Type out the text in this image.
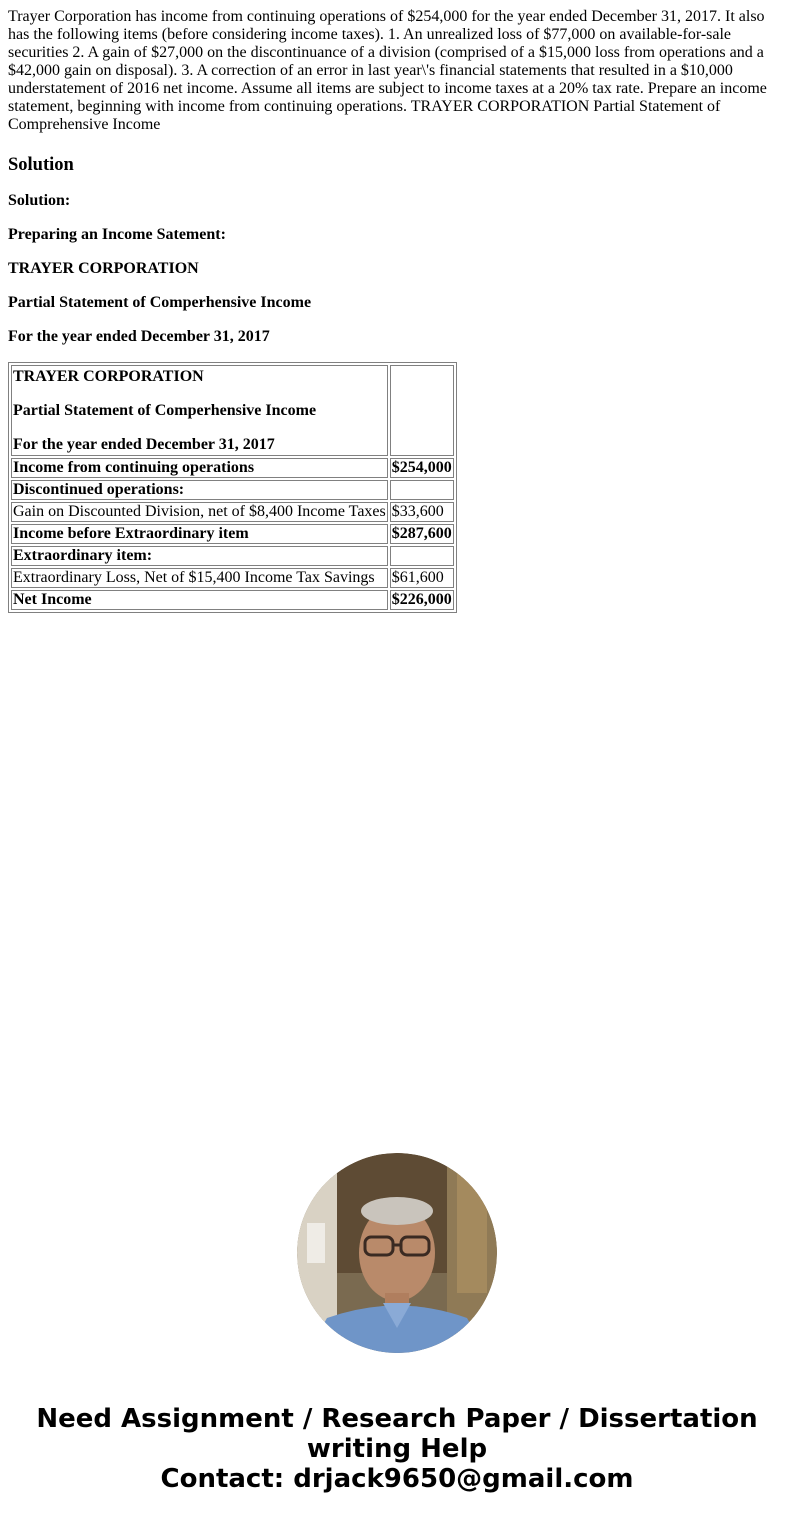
Trayer Corporation has income from continuing operations of $254,000 for the year ended December 31, 2017. It also has the following items (before considering income taxes). 1. An unrealized loss of $77,000 on available-for-sale securities 2. A gain of $27,000 on the discontinuance of a division (comprised of a $15,000 loss from operations and a $42,000 gain on disposal). 3. A correction of an error in last year\'s financial statements that resulted in a $10,000 understatement of 2016 net income. Assume all items are subject to income taxes at a 20% tax rate. Prepare an income statement, beginning with income from continuing operations. TRAYER CORPORATION Partial Statement of Comprehensive Income

Solution

Solution:

Preparing an Income Satement:

TRAYER CORPORATION

Partial Statement of Comperhensive Income

For the year ended December 31, 2017

TRAYER CORPORATION

Partial Statement of Comperhensive Income

For the year ended December 31, 2017	

Income from continuing operations	$254,000
Discontinued operations:	
Gain on Discounted Division, net of $8,400 Income Taxes	$33,600
Income before Extraordinary item	$287,600
Extraordinary item:	
Extraordinary Loss, Net of $15,400 Income Tax Savings	$61,600
Net Income	$226,000
Need Assignment / Research Paper / Dissertation
writing Help
Contact: drjack9650@gmail.com
